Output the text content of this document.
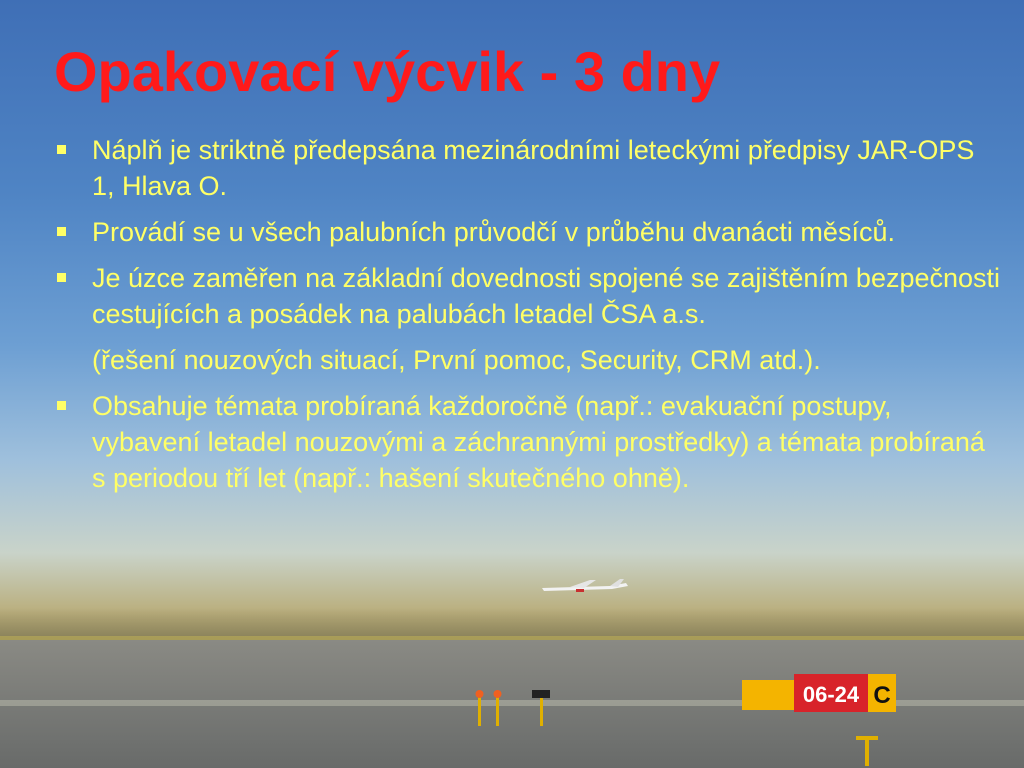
06-24 C
Opakovací výcvik - 3 dny
Náplň je striktně předepsána mezinárodními leteckými předpisy JAR-OPS 1, Hlava O.
Provádí se u všech palubních průvodčí v průběhu dvanácti měsíců.
Je úzce zaměřen na základní dovednosti spojené se zajištěním bezpečnosti cestujících a posádek na palubách letadel ČSA a.s.
(řešení nouzových situací, První pomoc, Security, CRM atd.).
Obsahuje témata probíraná každoročně (např.: evakuační postupy, vybavení letadel nouzovými a záchrannými prostředky) a témata probíraná s periodou tří let (např.: hašení skutečného ohně).
